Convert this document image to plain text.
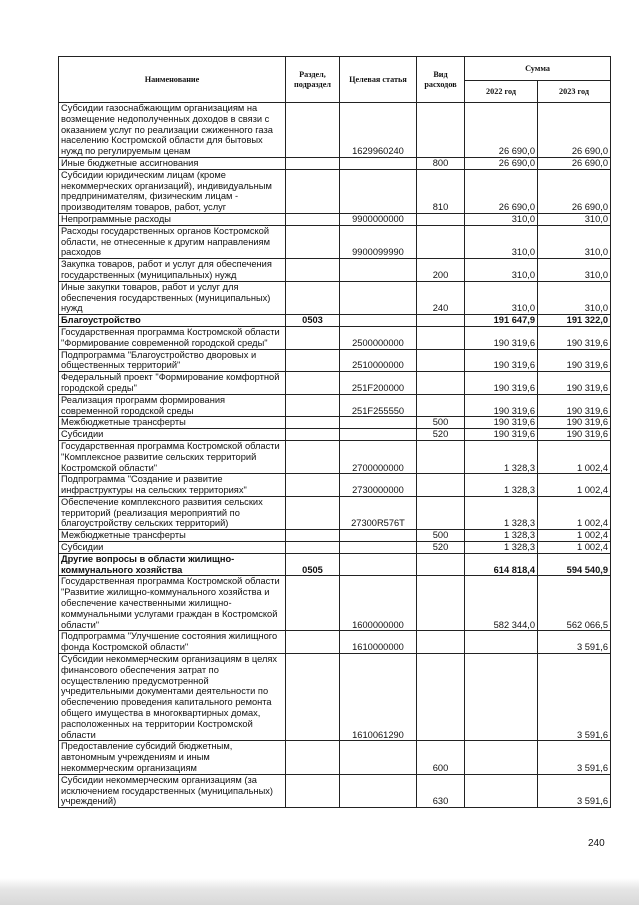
Наименование	Раздел, подраздел	Целевая статья	Вид расходов	Сумма	
				2022 год	2023 год
Субсидии газоснабжающим организациям на возмещение недополученных доходов в связи с оказанием услуг по реализации сжиженного газа населению Костромской области для бытовых нужд по регулируемым ценам		1629960240		26 690,0	26 690,0
Иные бюджетные ассигнования			800	26 690,0	26 690,0
Субсидии юридическим лицам (кроме некоммерческих организаций), индивидуальным предпринимателям, физическим лицам - производителям товаров, работ, услуг			810	26 690,0	26 690,0
Непрограммные расходы		9900000000		310,0	310,0
Расходы государственных органов Костромской области, не отнесенные к другим направлениям расходов		9900099990		310,0	310,0
Закупка товаров, работ и услуг для обеспечения государственных (муниципальных) нужд			200	310,0	310,0
Иные закупки товаров, работ и услуг для обеспечения государственных (муниципальных) нужд			240	310,0	310,0
Благоустройство	0503			191 647,9	191 322,0
Государственная программа Костромской области "Формирование современной городской среды"		2500000000		190 319,6	190 319,6
Подпрограмма "Благоустройство дворовых и общественных территорий"		2510000000		190 319,6	190 319,6
Федеральный проект "Формирование комфортной городской среды"		251F200000		190 319,6	190 319,6
Реализация программ формирования современной городской среды		251F255550		190 319,6	190 319,6
Межбюджетные трансферты			500	190 319,6	190 319,6
Субсидии			520	190 319,6	190 319,6
Государственная программа Костромской области "Комплексное развитие сельских территорий Костромской области"		2700000000		1 328,3	1 002,4
Подпрограмма "Создание и развитие инфраструктуры на сельских территориях"		2730000000		1 328,3	1 002,4
Обеспечение комплексного развития сельских территорий (реализация мероприятий по благоустройству сельских территорий)		27300R576T		1 328,3	1 002,4
Межбюджетные трансферты			500	1 328,3	1 002,4
Субсидии			520	1 328,3	1 002,4
Другие вопросы в области жилищно-коммунального хозяйства	0505			614 818,4	594 540,9
Государственная программа Костромской области "Развитие жилищно-коммунального хозяйства и обеспечение качественными жилищно-коммунальными услугами граждан в Костромской области"		1600000000		582 344,0	562 066,5
Подпрограмма "Улучшение состояния жилищного фонда Костромской области"		1610000000			3 591,6
Субсидии некоммерческим организациям в целях финансового обеспечения затрат по осуществлению предусмотренной учредительными документами деятельности по обеспечению проведения капитального ремонта общего имущества в многоквартирных домах, расположенных на территории Костромской области		1610061290			3 591,6
Предоставление субсидий бюджетным, автономным учреждениям и иным некоммерческим организациям			600		3 591,6
Субсидии некоммерческим организациям (за исключением государственных (муниципальных) учреждений)			630		3 591,6
240
